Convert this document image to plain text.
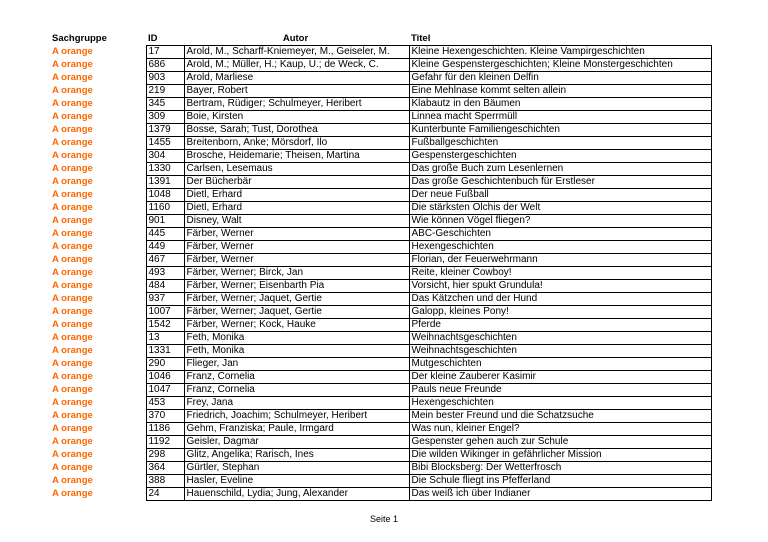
Sachgruppe	ID	Autor	Titel
A orange	17	Arold, M., Scharff-Kniemeyer, M., Geiseler, M.	Kleine Hexengeschichten. Kleine Vampirgeschichten
A orange	686	Arold, M.; Müller, H.; Kaup, U.; de Weck, C.	Kleine Gespenstergeschichten; Kleine Monstergeschichten
A orange	903	Arold, Marliese	Gefahr für den kleinen Delfin
A orange	219	Bayer, Robert	Eine Mehlnase kommt selten allein
A orange	345	Bertram, Rüdiger; Schulmeyer, Heribert	Klabautz in den Bäumen
A orange	309	Boie, Kirsten	Linnea macht Sperrmüll
A orange	1379	Bosse, Sarah; Tust, Dorothea	Kunterbunte Familiengeschichten
A orange	1455	Breitenborn, Anke; Mörsdorf, Ilo	Fußballgeschichten
A orange	304	Brosche, Heidemarie; Theisen, Martina	Gespenstergeschichten
A orange	1330	Carlsen, Lesemaus	Das große Buch zum Lesenlernen
A orange	1391	Der Bücherbär	Das große Geschichtenbuch für Erstleser
A orange	1048	Dietl, Erhard	Der neue Fußball
A orange	1160	Dietl, Erhard	Die stärksten Olchis der Welt
A orange	901	Disney, Walt	Wie können Vögel fliegen?
A orange	445	Färber, Werner	ABC-Geschichten
A orange	449	Färber, Werner	Hexengeschichten
A orange	467	Färber, Werner	Florian, der Feuerwehrmann
A orange	493	Färber, Werner; Birck, Jan	Reite, kleiner Cowboy!
A orange	484	Färber, Werner; Eisenbarth Pia	Vorsicht, hier spukt Grundula!
A orange	937	Färber, Werner; Jaquet, Gertie	Das Kätzchen und der Hund
A orange	1007	Färber, Werner; Jaquet, Gertie	Galopp, kleines Pony!
A orange	1542	Färber, Werner; Kock, Hauke	Pferde
A orange	13	Feth, Monika	Weihnachtsgeschichten
A orange	1331	Feth, Monika	Weihnachtsgeschichten
A orange	290	Flieger, Jan	Mutgeschichten
A orange	1046	Franz, Cornelia	Der kleine Zauberer Kasimir
A orange	1047	Franz, Cornelia	Pauls neue Freunde
A orange	453	Frey, Jana	Hexengeschichten
A orange	370	Friedrich, Joachim; Schulmeyer, Heribert	Mein bester Freund und die Schatzsuche
A orange	1186	Gehm, Franziska; Paule, Irmgard	Was nun, kleiner Engel?
A orange	1192	Geisler, Dagmar	Gespenster gehen auch zur Schule
A orange	298	Glitz, Angelika; Rarisch, Ines	Die wilden Wikinger in gefährlicher Mission
A orange	364	Gürtler, Stephan	Bibi Blocksberg: Der Wetterfrosch
A orange	388	Hasler, Eveline	Die Schule fliegt ins Pfefferland
A orange	24	Hauenschild, Lydia; Jung, Alexander	Das weiß ich über Indianer
Seite 1
